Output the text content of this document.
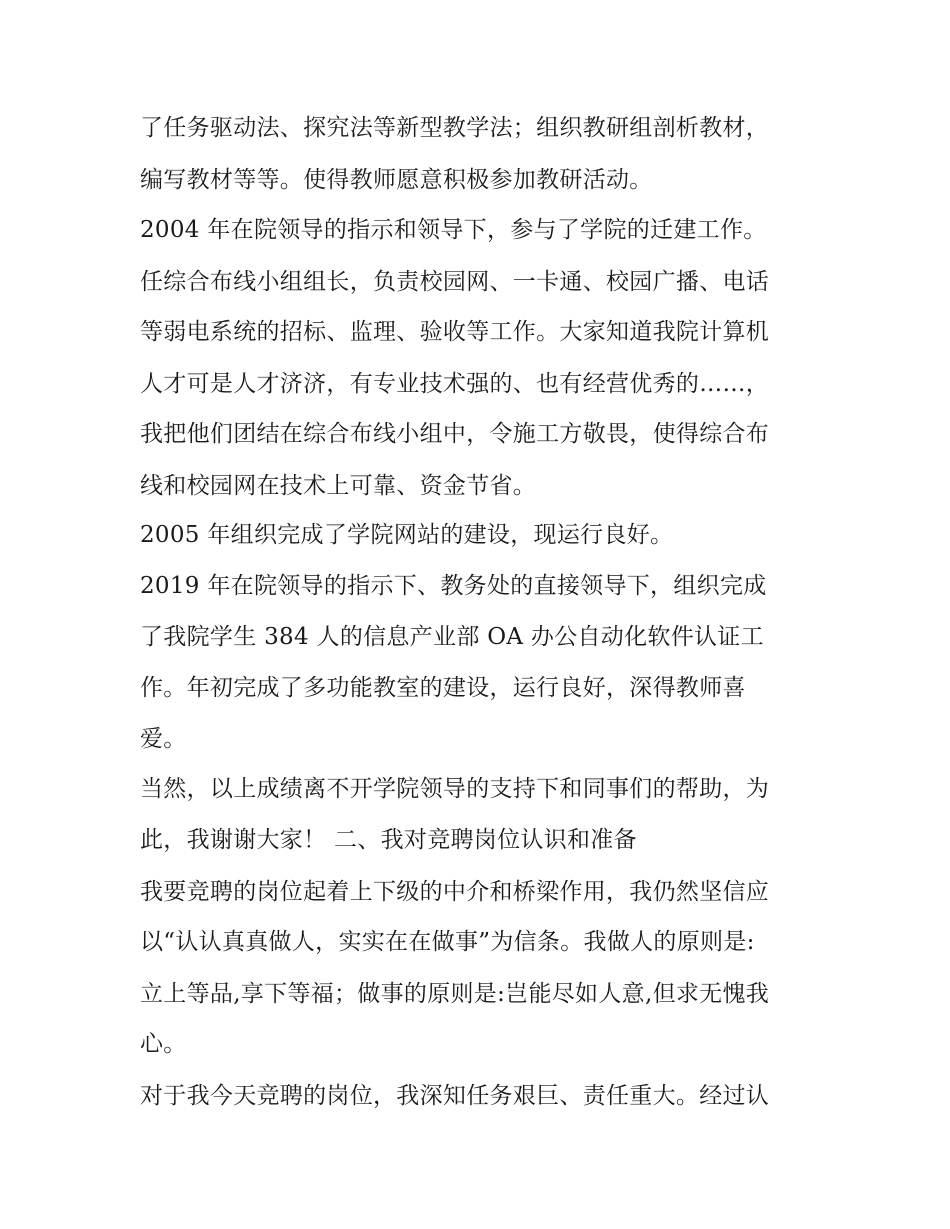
了任务驱动法、探究法等新型教学法；组织教研组剖析教材，
编写教材等等。使得教师愿意积极参加教研活动。
2004 年在院领导的指示和领导下，参与了学院的迁建工作。
任综合布线小组组长，负责校园网、一卡通、校园广播、电话
等弱电系统的招标、监理、验收等工作。大家知道我院计算机
人才可是人才济济，有专业技术强的、也有经营优秀的……，
我把他们团结在综合布线小组中，令施工方敬畏，使得综合布
线和校园网在技术上可靠、资金节省。
2005 年组织完成了学院网站的建设，现运行良好。
2019 年在院领导的指示下、教务处的直接领导下，组织完成
了我院学生 384 人的信息产业部 OA 办公自动化软件认证工
作。年初完成了多功能教室的建设，运行良好，深得教师喜
爱。
当然，以上成绩离不开学院领导的支持下和同事们的帮助，为
此，我谢谢大家！ 二、我对竞聘岗位认识和准备
我要竞聘的岗位起着上下级的中介和桥梁作用，我仍然坚信应
以“认认真真做人，实实在在做事”为信条。我做人的原则是:
立上等品,享下等福；做事的原则是:岂能尽如人意,但求无愧我
心。
对于我今天竞聘的岗位，我深知任务艰巨、责任重大。经过认
